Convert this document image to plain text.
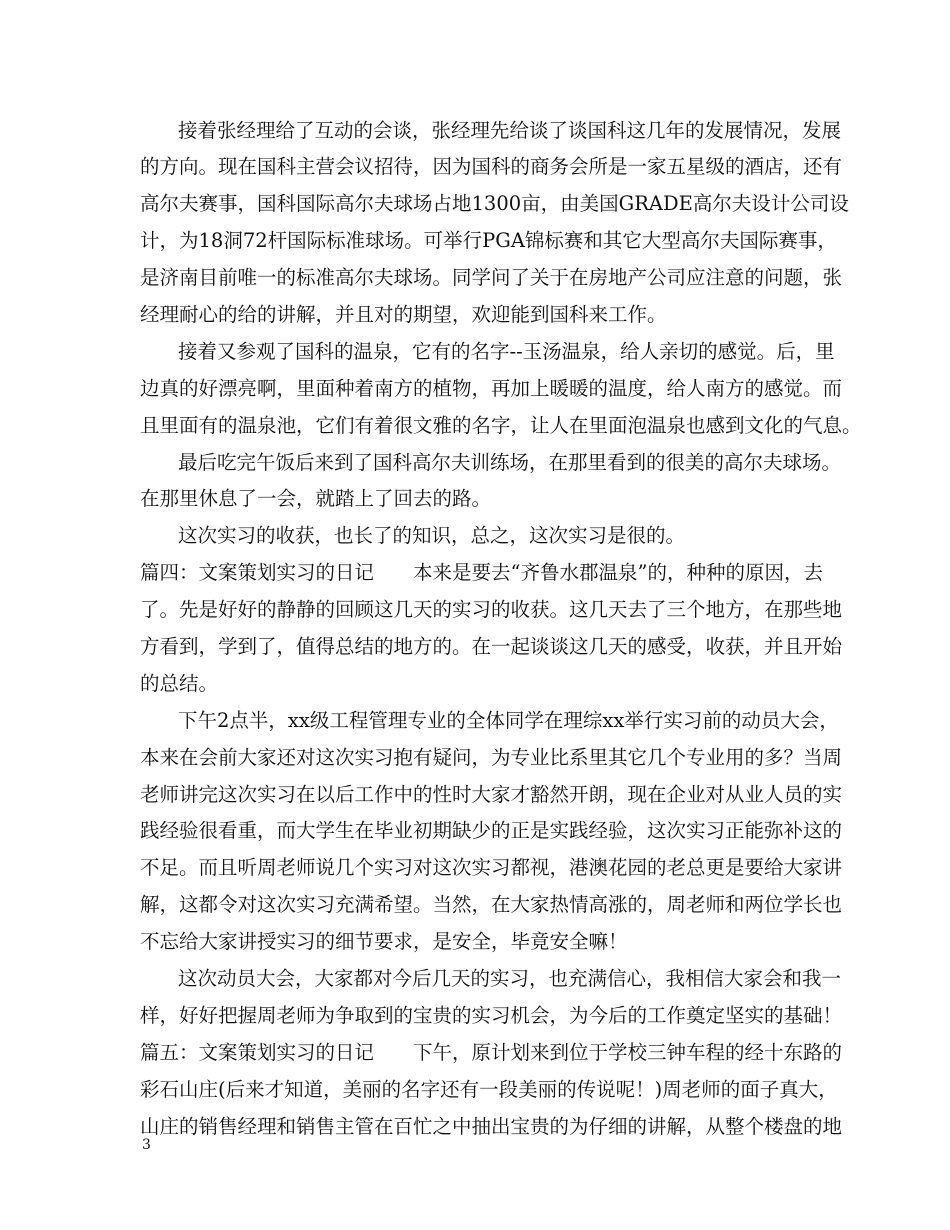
接着张经理给了互动的会谈，张经理先给谈了谈国科这几年的发展情况，发展
的方向。现在国科主营会议招待，因为国科的商务会所是一家五星级的酒店，还有
高尔夫赛事，国科国际高尔夫球场占地1300亩，由美国GRADE高尔夫设计公司设
计，为18洞72杆国际标准球场。可举行PGA锦标赛和其它大型高尔夫国际赛事，
是济南目前唯一的标准高尔夫球场。同学问了关于在房地产公司应注意的问题，张
经理耐心的给的讲解，并且对的期望，欢迎能到国科来工作。
接着又参观了国科的温泉，它有的名字--玉汤温泉，给人亲切的感觉。后，里
边真的好漂亮啊，里面种着南方的植物，再加上暖暖的温度，给人南方的感觉。而
且里面有的温泉池，它们有着很文雅的名字，让人在里面泡温泉也感到文化的气息。
最后吃完午饭后来到了国科高尔夫训练场，在那里看到的很美的高尔夫球场。
在那里休息了一会，就踏上了回去的路。
这次实习的收获，也长了的知识，总之，这次实习是很的。
篇四：文案策划实习的日记　　本来是要去“齐鲁水郡温泉”的，种种的原因，去
了。先是好好的静静的回顾这几天的实习的收获。这几天去了三个地方，在那些地
方看到，学到了，值得总结的地方的。在一起谈谈这几天的感受，收获，并且开始
的总结。
下午2点半，xx级工程管理专业的全体同学在理综xx举行实习前的动员大会，
本来在会前大家还对这次实习抱有疑问，为专业比系里其它几个专业用的多？当周
老师讲完这次实习在以后工作中的性时大家才豁然开朗，现在企业对从业人员的实
践经验很看重，而大学生在毕业初期缺少的正是实践经验，这次实习正能弥补这的
不足。而且听周老师说几个实习对这次实习都视，港澳花园的老总更是要给大家讲
解，这都令对这次实习充满希望。当然，在大家热情高涨的，周老师和两位学长也
不忘给大家讲授实习的细节要求，是安全，毕竟安全嘛！
这次动员大会，大家都对今后几天的实习，也充满信心，我相信大家会和我一
样，好好把握周老师为争取到的宝贵的实习机会，为今后的工作奠定坚实的基础！
篇五：文案策划实习的日记　　下午，原计划来到位于学校三钟车程的经十东路的
彩石山庄(后来才知道，美丽的名字还有一段美丽的传说呢！)周老师的面子真大，
山庄的销售经理和销售主管在百忙之中抽出宝贵的为仔细的讲解，从整个楼盘的地
3
